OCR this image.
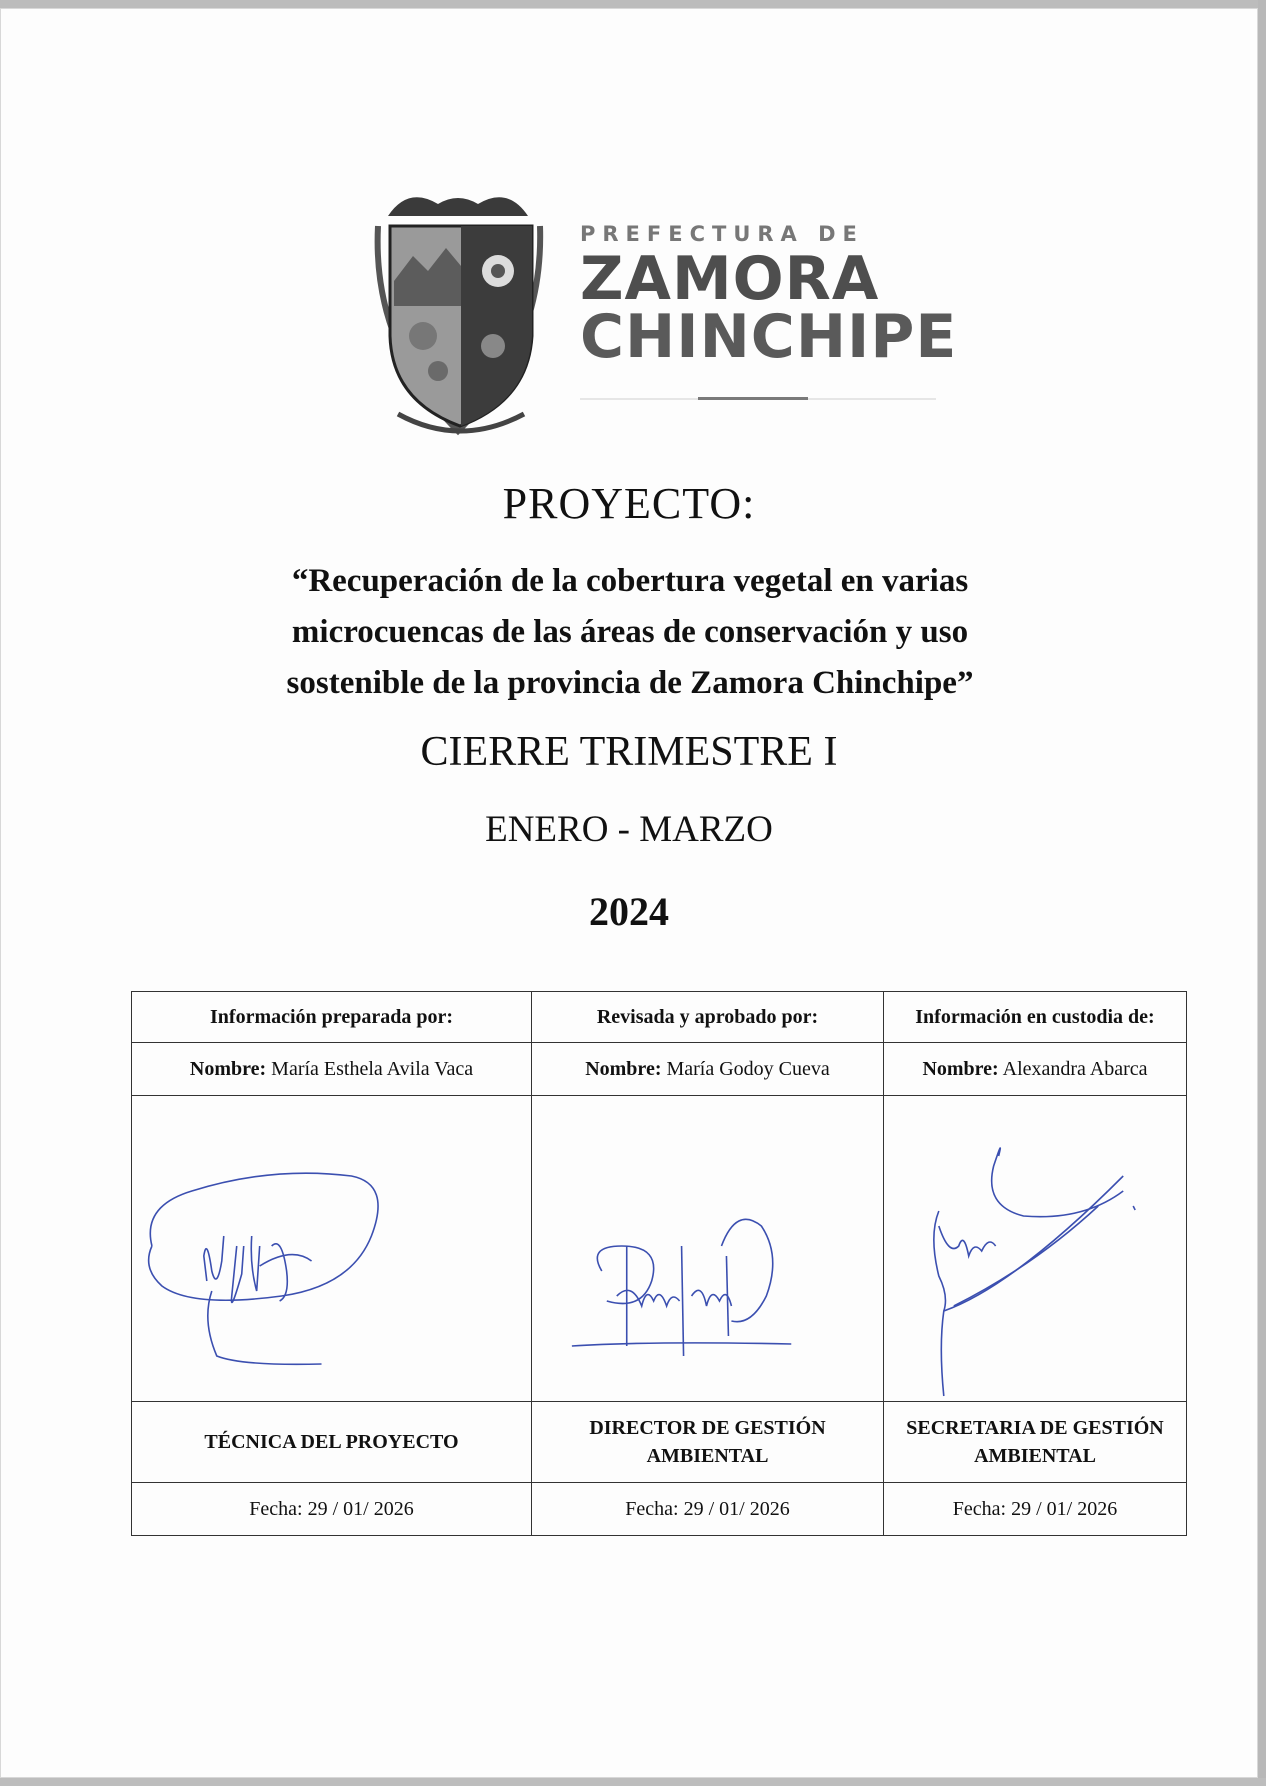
PREFECTURA DE
ZAMORA
CHINCHIPE
PROYECTO:
“Recuperación de la cobertura vegetal en varias microcuencas de las áreas de conservación y uso sostenible de la provincia de Zamora Chinchipe”
CIERRE TRIMESTRE I
ENERO - MARZO
2024
Información preparada por:	Revisada y aprobado por:	Información en custodia de:
Nombre: María Esthela Avila Vaca	Nombre: María Godoy Cueva	Nombre: Alexandra Abarca

TÉCNICA DEL PROYECTO	DIRECTOR DE GESTIÓN AMBIENTAL	SECRETARIA DE GESTIÓN AMBIENTAL
Fecha: 29 / 01/ 2026	Fecha: 29 / 01/ 2026	Fecha: 29 / 01/ 2026
